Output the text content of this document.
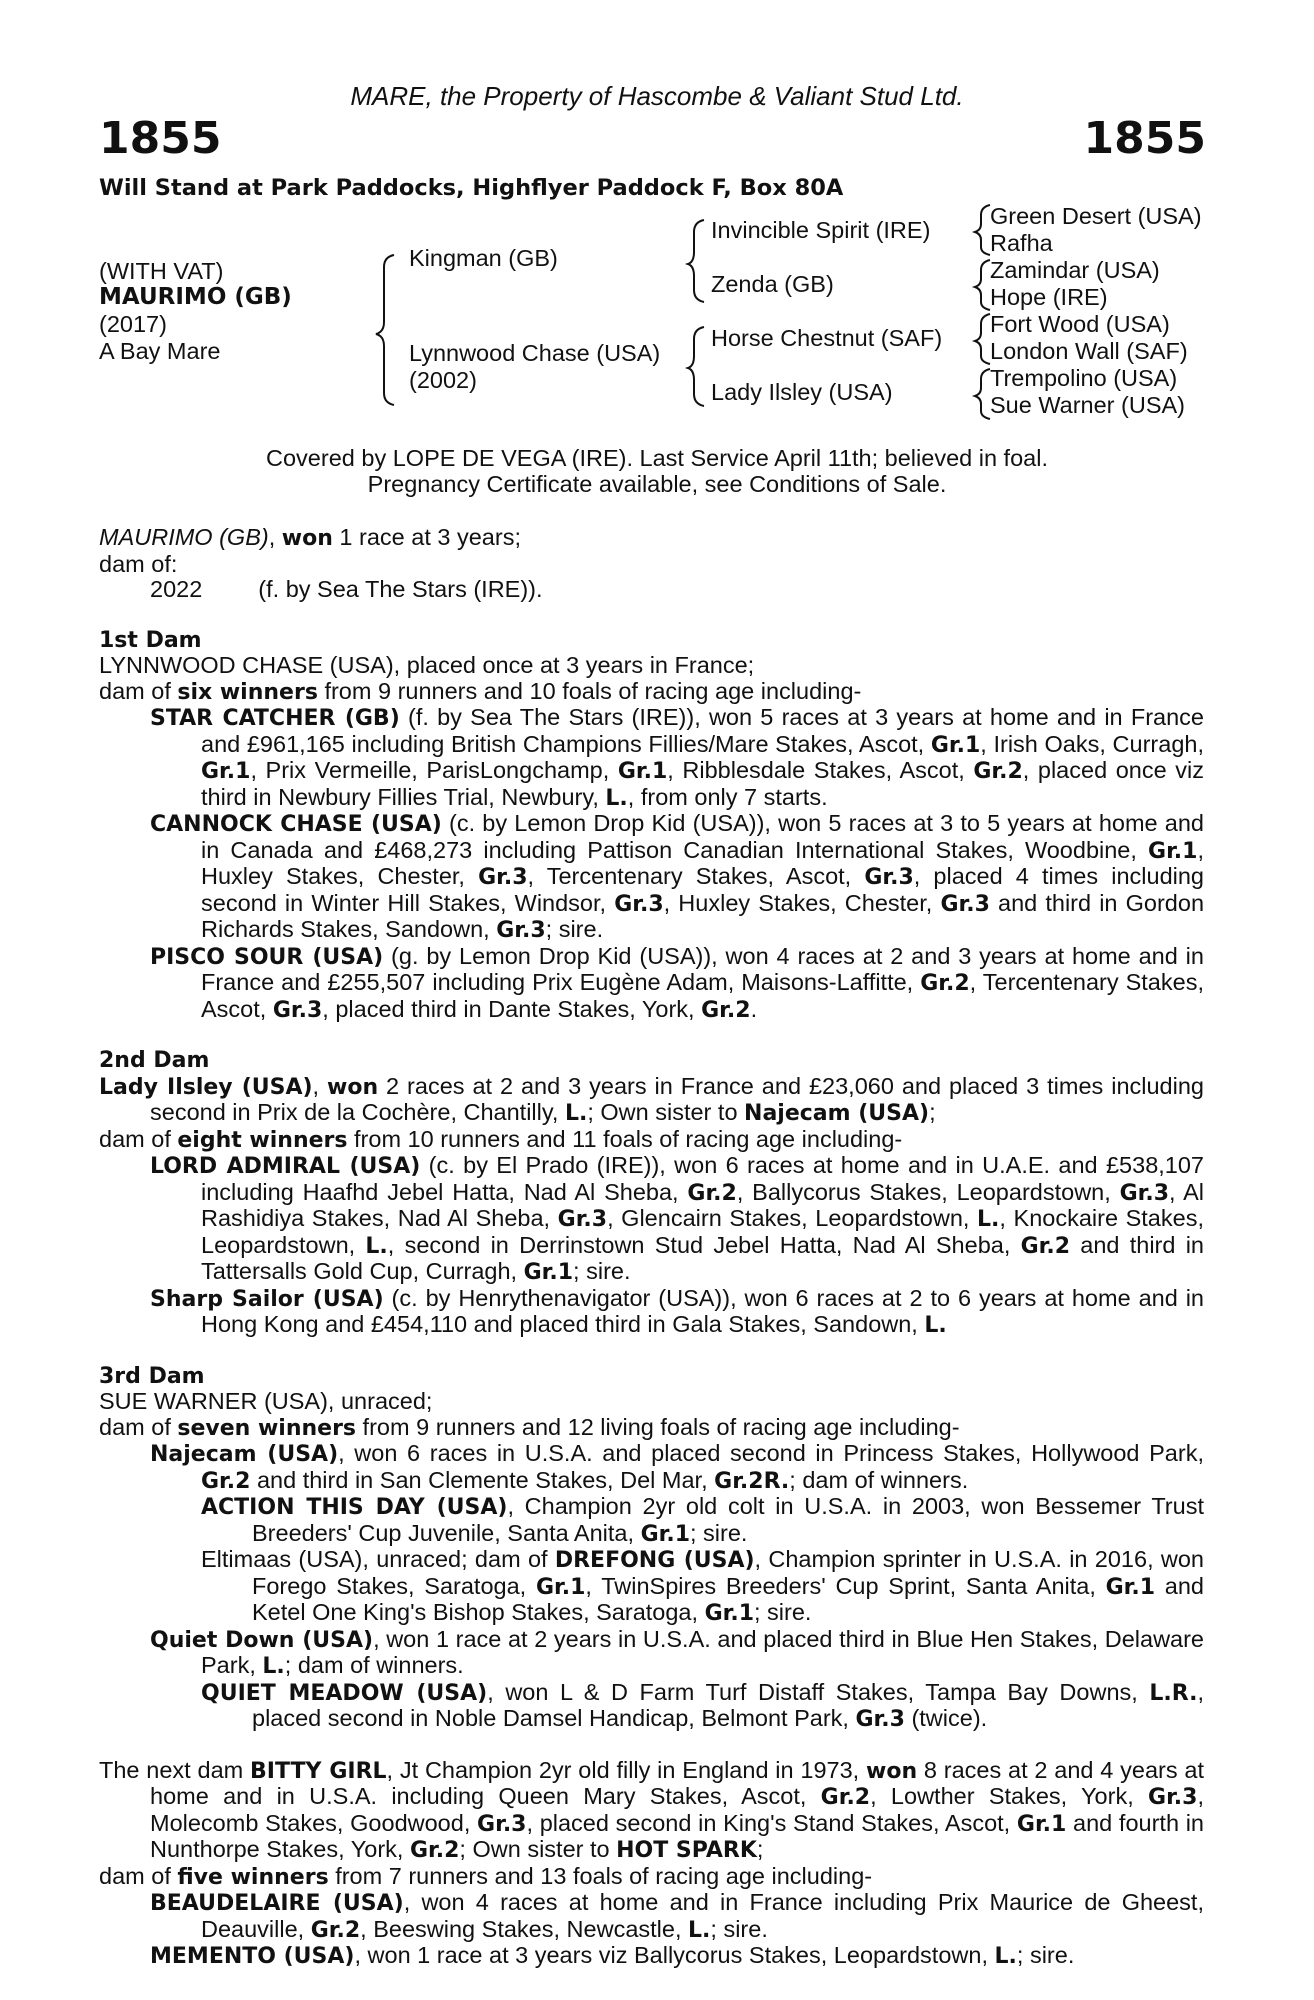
MARE, the Property of Hascombe & Valiant Stud Ltd.
1855	1855
Will Stand at Park Paddocks, Highflyer Paddock F, Box 80A
(WITH VAT)
MAURIMO (GB)
(2017)
A Bay Mare
Kingman (GB)
Lynnwood Chase (USA)
(2002)
Invincible Spirit (IRE)
Zenda (GB)
Horse Chestnut (SAF)
Lady Ilsley (USA)
Green Desert (USA)
Rafha
Zamindar (USA)
Hope (IRE)
Fort Wood (USA)
London Wall (SAF)
Trempolino (USA)
Sue Warner (USA)
Covered by LOPE DE VEGA (IRE). Last Service April 11th; believed in foal.
Pregnancy Certificate available, see Conditions of Sale.

MAURIMO (GB), won 1 race at 3 years;

dam of:

2022 (f. by Sea The Stars (IRE)).

1st Dam

LYNNWOOD CHASE (USA), placed once at 3 years in France;

dam of six winners from 9 runners and 10 foals of racing age including-

STAR CATCHER (GB) (f. by Sea The Stars (IRE)), won 5 races at 3 years at home and in France and £961,165 including British Champions Fillies/Mare Stakes, Ascot, Gr.1, Irish Oaks, Curragh, Gr.1, Prix Vermeille, ParisLongchamp, Gr.1, Ribblesdale Stakes, Ascot, Gr.2, placed once viz third in Newbury Fillies Trial, Newbury, L., from only 7 starts.

CANNOCK CHASE (USA) (c. by Lemon Drop Kid (USA)), won 5 races at 3 to 5 years at home and in Canada and £468,273 including Pattison Canadian International Stakes, Woodbine, Gr.1, Huxley Stakes, Chester, Gr.3, Tercentenary Stakes, Ascot, Gr.3, placed 4 times including second in Winter Hill Stakes, Windsor, Gr.3, Huxley Stakes, Chester, Gr.3 and third in Gordon Richards Stakes, Sandown, Gr.3; sire.

PISCO SOUR (USA) (g. by Lemon Drop Kid (USA)), won 4 races at 2 and 3 years at home and in France and £255,507 including Prix Eugène Adam, Maisons-Laffitte, Gr.2, Tercentenary Stakes, Ascot, Gr.3, placed third in Dante Stakes, York, Gr.2.

2nd Dam

Lady Ilsley (USA), won 2 races at 2 and 3 years in France and £23,060 and placed 3 times including second in Prix de la Cochère, Chantilly, L.; Own sister to Najecam (USA);

dam of eight winners from 10 runners and 11 foals of racing age including-

LORD ADMIRAL (USA) (c. by El Prado (IRE)), won 6 races at home and in U.A.E. and £538,107 including Haafhd Jebel Hatta, Nad Al Sheba, Gr.2, Ballycorus Stakes, Leopardstown, Gr.3, Al Rashidiya Stakes, Nad Al Sheba, Gr.3, Glencairn Stakes, Leopardstown, L., Knockaire Stakes, Leopardstown, L., second in Derrinstown Stud Jebel Hatta, Nad Al Sheba, Gr.2 and third in Tattersalls Gold Cup, Curragh, Gr.1; sire.

Sharp Sailor (USA) (c. by Henrythenavigator (USA)), won 6 races at 2 to 6 years at home and in Hong Kong and £454,110 and placed third in Gala Stakes, Sandown, L.

3rd Dam

SUE WARNER (USA), unraced;

dam of seven winners from 9 runners and 12 living foals of racing age including-

Najecam (USA), won 6 races in U.S.A. and placed second in Princess Stakes, Hollywood Park, Gr.2 and third in San Clemente Stakes, Del Mar, Gr.2R.; dam of winners.

ACTION THIS DAY (USA), Champion 2yr old colt in U.S.A. in 2003, won Bessemer Trust Breeders' Cup Juvenile, Santa Anita, Gr.1; sire.

Eltimaas (USA), unraced; dam of DREFONG (USA), Champion sprinter in U.S.A. in 2016, won Forego Stakes, Saratoga, Gr.1, TwinSpires Breeders' Cup Sprint, Santa Anita, Gr.1 and Ketel One King's Bishop Stakes, Saratoga, Gr.1; sire.

Quiet Down (USA), won 1 race at 2 years in U.S.A. and placed third in Blue Hen Stakes, Delaware Park, L.; dam of winners.

QUIET MEADOW (USA), won L & D Farm Turf Distaff Stakes, Tampa Bay Downs, L.R., placed second in Noble Damsel Handicap, Belmont Park, Gr.3 (twice).

The next dam BITTY GIRL, Jt Champion 2yr old filly in England in 1973, won 8 races at 2 and 4 years at home and in U.S.A. including Queen Mary Stakes, Ascot, Gr.2, Lowther Stakes, York, Gr.3, Molecomb Stakes, Goodwood, Gr.3, placed second in King's Stand Stakes, Ascot, Gr.1 and fourth in Nunthorpe Stakes, York, Gr.2; Own sister to HOT SPARK;

dam of five winners from 7 runners and 13 foals of racing age including-

BEAUDELAIRE (USA), won 4 races at home and in France including Prix Maurice de Gheest, Deauville, Gr.2, Beeswing Stakes, Newcastle, L.; sire.

MEMENTO (USA), won 1 race at 3 years viz Ballycorus Stakes, Leopardstown, L.; sire.
